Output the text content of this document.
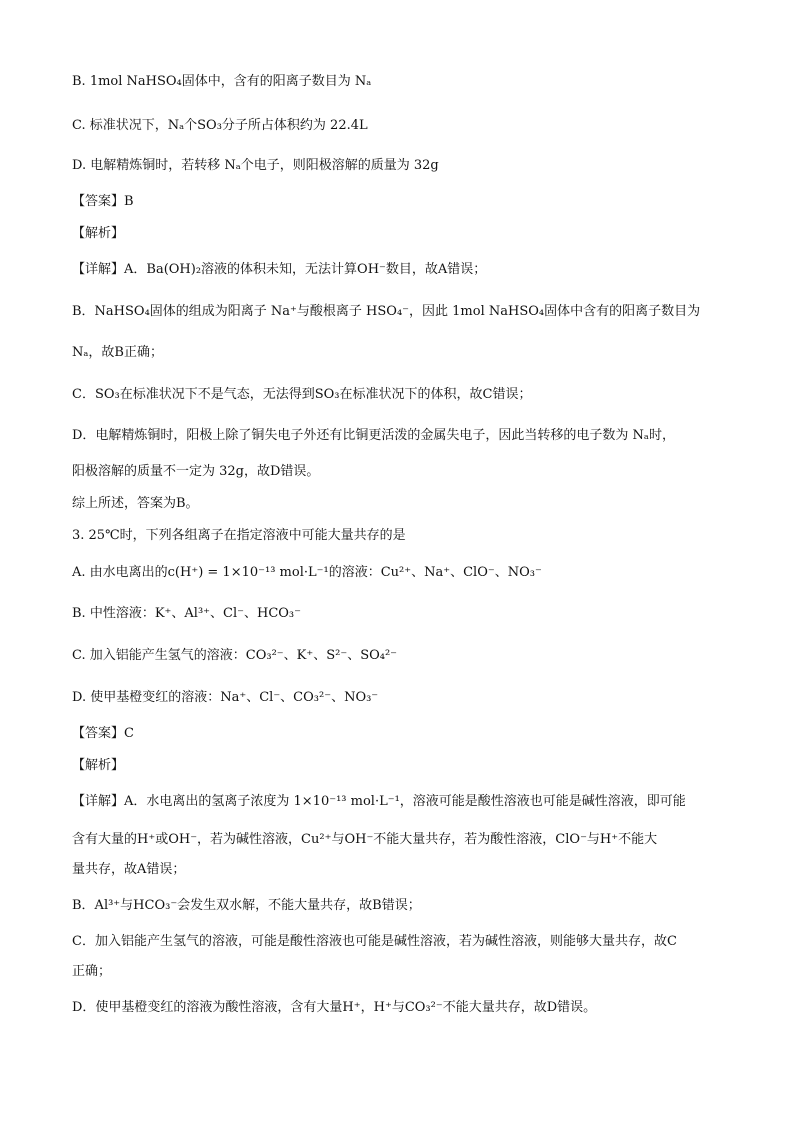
B. 1mol NaHSO₄固体中，含有的阳离子数目为 Nₐ
C. 标准状况下，Nₐ个SO₃分子所占体积约为 22.4L
D. 电解精炼铜时，若转移 Nₐ个电子，则阳极溶解的质量为 32g
【答案】B
【解析】
【详解】A．Ba(OH)₂溶液的体积未知，无法计算OH⁻数目，故A错误；
B．NaHSO₄固体的组成为阳离子 Na⁺与酸根离子 HSO₄⁻，因此 1mol NaHSO₄固体中含有的阳离子数目为
Nₐ，故B正确；
C．SO₃在标准状况下不是气态，无法得到SO₃在标准状况下的体积，故C错误；
D．电解精炼铜时，阳极上除了铜失电子外还有比铜更活泼的金属失电子，因此当转移的电子数为 Nₐ时，
阳极溶解的质量不一定为 32g，故D错误。
综上所述，答案为B。
3. 25℃时，下列各组离子在指定溶液中可能大量共存的是
A. 由水电离出的c(H⁺) = 1×10⁻¹³ mol·L⁻¹的溶液：Cu²⁺、Na⁺、ClO⁻、NO₃⁻
B. 中性溶液：K⁺、Al³⁺、Cl⁻、HCO₃⁻
C. 加入铝能产生氢气的溶液：CO₃²⁻、K⁺、S²⁻、SO₄²⁻
D. 使甲基橙变红的溶液：Na⁺、Cl⁻、CO₃²⁻、NO₃⁻
【答案】C
【解析】
【详解】A．水电离出的氢离子浓度为 1×10⁻¹³ mol·L⁻¹，溶液可能是酸性溶液也可能是碱性溶液，即可能
含有大量的H⁺或OH⁻，若为碱性溶液，Cu²⁺与OH⁻不能大量共存，若为酸性溶液，ClO⁻与H⁺不能大
量共存，故A错误；
B．Al³⁺与HCO₃⁻会发生双水解，不能大量共存，故B错误；
C．加入铝能产生氢气的溶液，可能是酸性溶液也可能是碱性溶液，若为碱性溶液，则能够大量共存，故C
正确；
D．使甲基橙变红的溶液为酸性溶液，含有大量H⁺，H⁺与CO₃²⁻不能大量共存，故D错误。
